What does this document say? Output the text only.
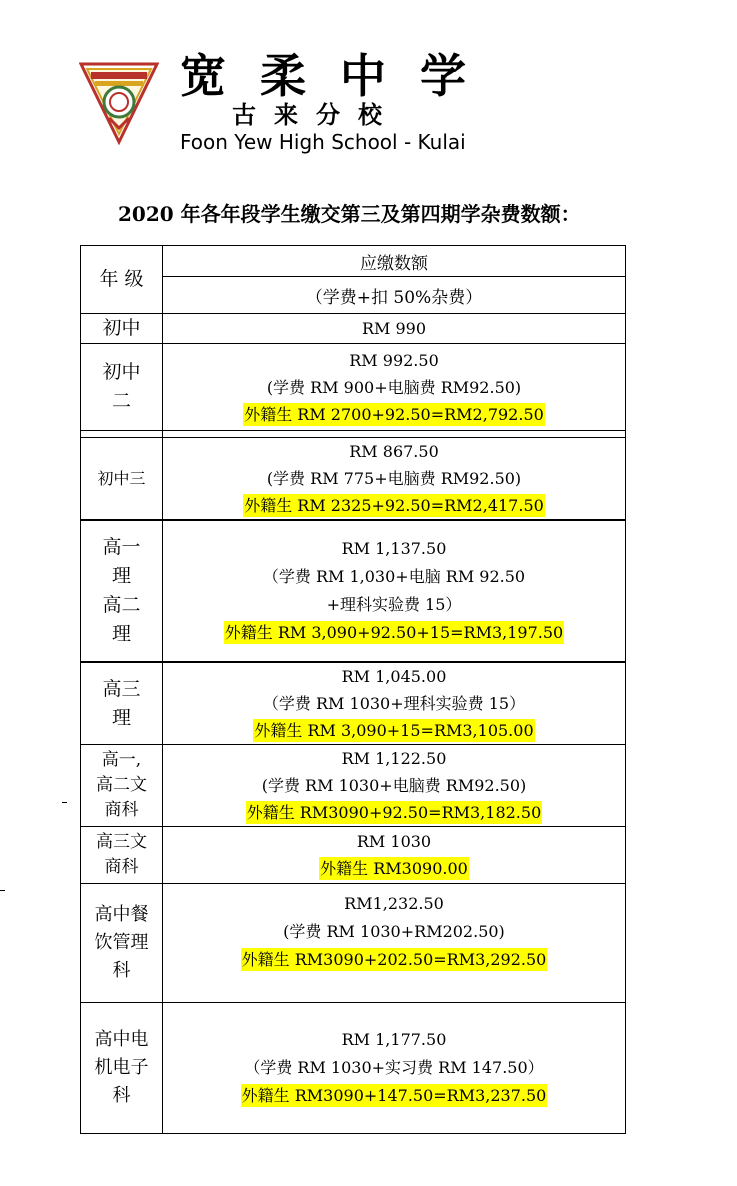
宽柔中学
古来分校
Foon Yew High School - Kulai
2020 年各年段学生缴交第三及第四期学杂费数额：
年 级	应缴数额
	（学费+扣 50%杂费）
初中	RM 990

初中
二	RM 992.50
(学费 RM 900+电脑费 RM92.50)
外籍生 RM 2700+92.50=RM2,792.50

初中三	RM 867.50
(学费 RM 775+电脑费 RM92.50)
外籍生 RM 2325+92.50=RM2,417.50

高一
理
高二
理	RM 1,137.50
（学费 RM 1,030+电脑 RM 92.50
+理科实验费 15）
外籍生 RM 3,090+92.50+15=RM3,197.50

高三
理	RM 1,045.00
（学费 RM 1030+理科实验费 15）
外籍生 RM 3,090+15=RM3,105.00

高一,
高二文
商科	RM 1,122.50
(学费 RM 1030+电脑费 RM92.50)
外籍生 RM3090+92.50=RM3,182.50

高三文
商科	RM 1030
外籍生 RM3090.00

高中餐
饮管理
科	RM1,232.50
(学费 RM 1030+RM202.50)
外籍生 RM3090+202.50=RM3,292.50

高中电
机电子
科	RM 1,177.50
（学费 RM 1030+实习费 RM 147.50）
外籍生 RM3090+147.50=RM3,237.50
